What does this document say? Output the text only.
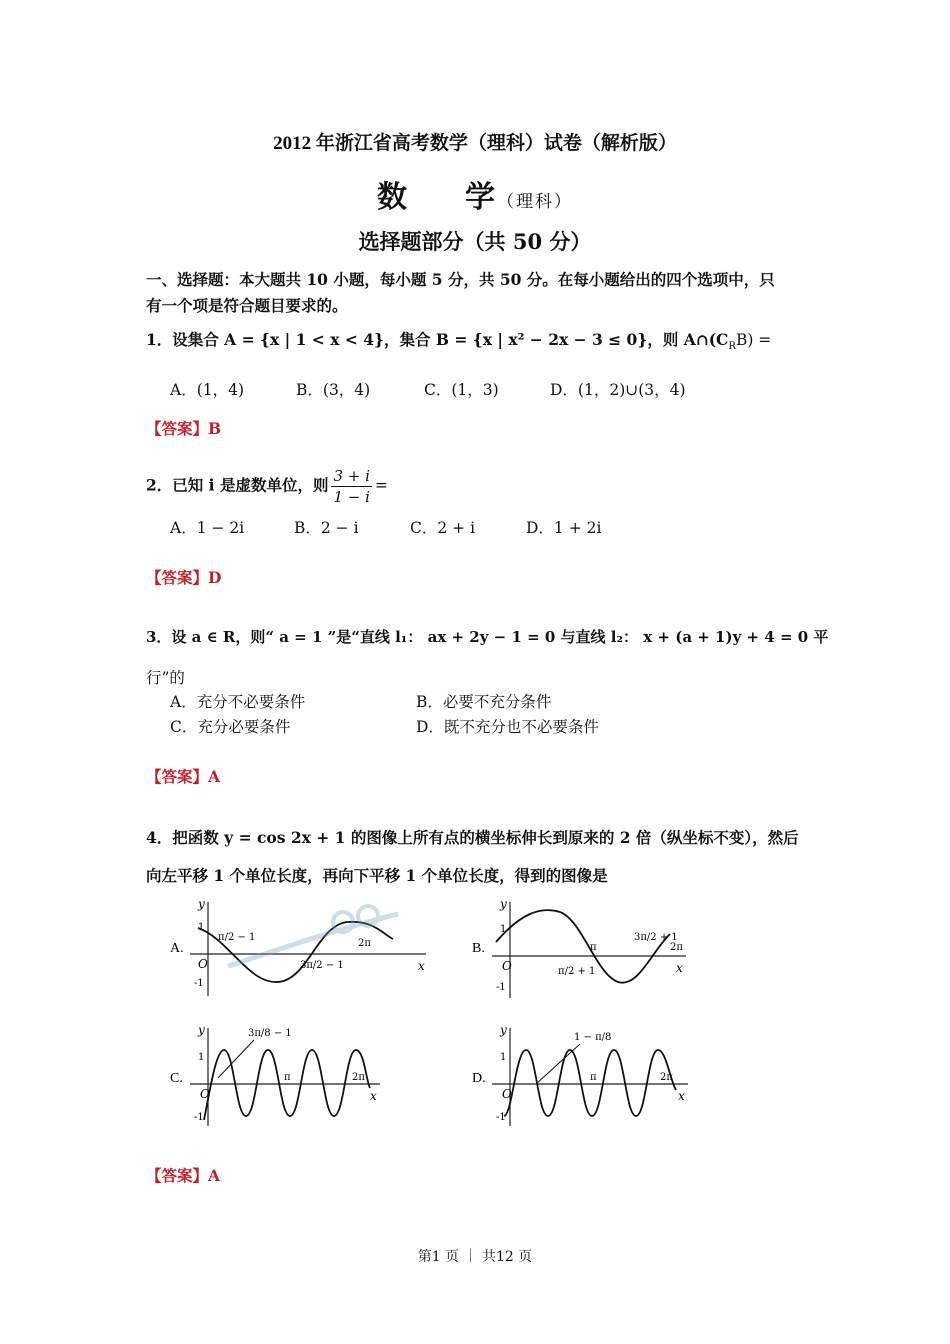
2012 年浙江省高考数学（理科）试卷（解析版）
数 学（理科）
选择题部分（共 50 分）
一、选择题：本大题共 10 小题，每小题 5 分，共 50 分。在每小题给出的四个选项中，只
有一个项是符合题目要求的。
1．设集合 A = {x | 1 < x < 4}，集合 B = {x | x² − 2x − 3 ≤ 0}，则 $A\cap(C_RB)$ =
A．(1，4)	B．(3，4)	C．(1，3)	D．(1，2)∪(3，4)
【答案】B
2．已知 i 是虚数单位，则 $\frac{3 + i}{1 - i}$ =
A．1 − 2i	B．2 − i	C．2 + i	D．1 + 2i
【答案】D
3．设 a ∈ R，则“ a = 1 ”是“直线 l₁： ax + 2y − 1 = 0 与直线 l₂： x + (a + 1)y + 4 = 0 平
行”的
A．充分不必要条件	B．必要不充分条件
C．充分必要条件	D．既不充分也不必要条件
【答案】A
4．把函数 y = cos 2x + 1 的图像上所有点的横坐标伸长到原来的 2 倍（纵坐标不变），然后
向左平移 1 个单位长度，再向下平移 1 个单位长度，得到的图像是
A.
y
x
O
1
-1
π/2 − 1
3π/2 − 1
2π	B.
y
x
O
1
-1
π/2 + 1
π
3π/2 + 1
2π
C.
y
x
O
1
-1
3π/8 − 1
π	2π	D.
y
x
O
1
-1
1 − π/8
π	2π
【答案】A
第1 页 ｜ 共12 页
